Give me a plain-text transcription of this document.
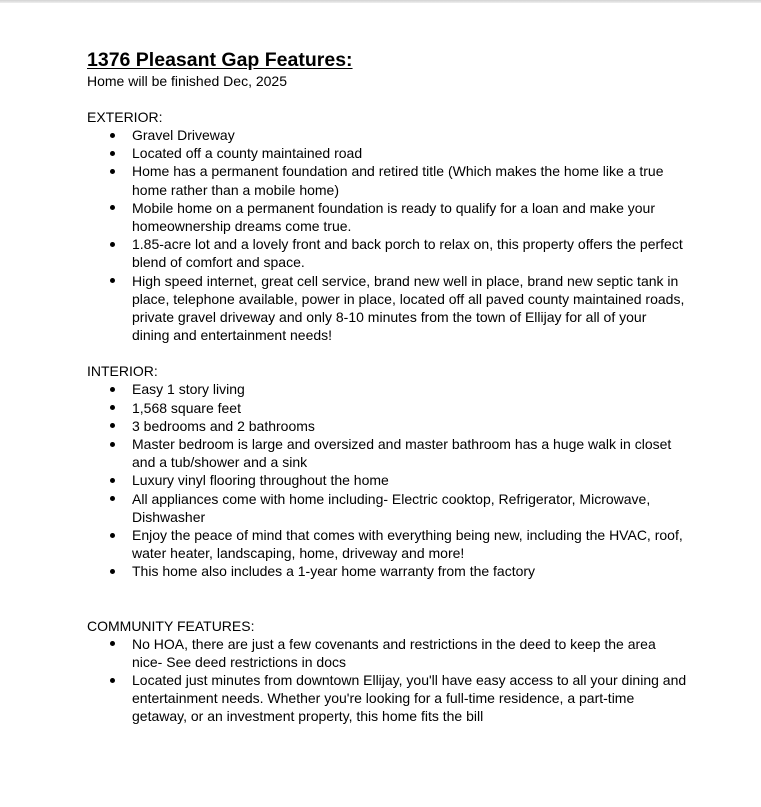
1376 Pleasant Gap Features:

Home will be finished Dec, 2025

EXTERIOR:

Gravel Driveway
Located off a county maintained road
Home has a permanent foundation and retired title (Which makes the home like a true home rather than a mobile home)
Mobile home on a permanent foundation is ready to qualify for a loan and make your homeownership dreams come true.
1.85-acre lot and a lovely front and back porch to relax on, this property offers the perfect blend of comfort and space.
High speed internet, great cell service, brand new well in place, brand new septic tank in place, telephone available, power in place, located off all paved county maintained roads, private gravel driveway and only 8-10 minutes from the town of Ellijay for all of your dining and entertainment needs!

INTERIOR:

Easy 1 story living
1,568 square feet
3 bedrooms and 2 bathrooms
Master bedroom is large and oversized and master bathroom has a huge walk in closet and a tub/shower and a sink
Luxury vinyl flooring throughout the home
All appliances come with home including- Electric cooktop, Refrigerator, Microwave, Dishwasher
Enjoy the peace of mind that comes with everything being new, including the HVAC, roof, water heater, landscaping, home, driveway and more!
This home also includes a 1-year home warranty from the factory

COMMUNITY FEATURES:

No HOA, there are just a few covenants and restrictions in the deed to keep the area nice- See deed restrictions in docs
Located just minutes from downtown Ellijay, you'll have easy access to all your dining and entertainment needs. Whether you're looking for a full-time residence, a part-time getaway, or an investment property, this home fits the bill
